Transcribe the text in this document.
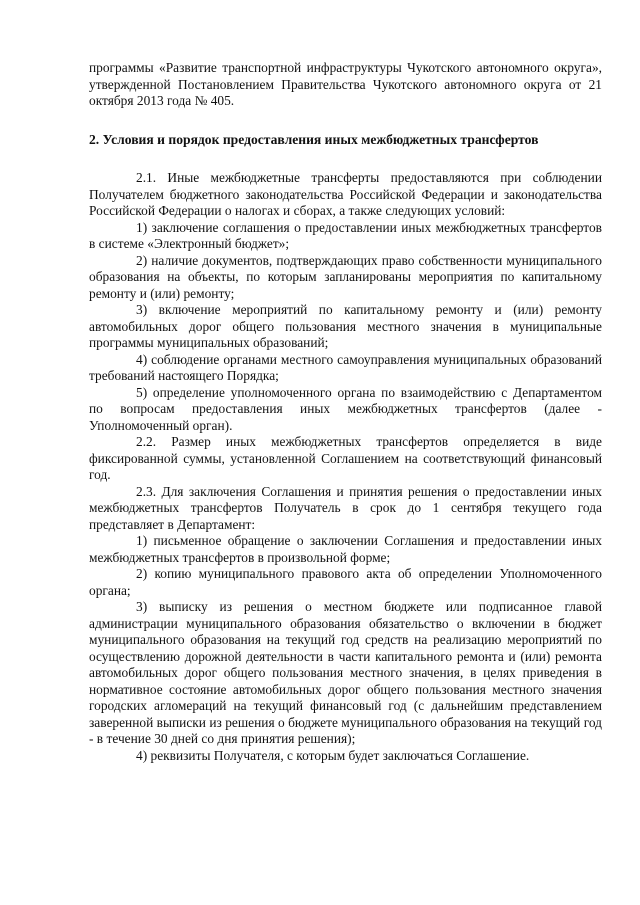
программы «Развитие транспортной инфраструктуры Чукотского автономного округа», утвержденной Постановлением Правительства Чукотского автономного округа от 21 октября 2013 года № 405.

2. Условия и порядок предоставления иных межбюджетных трансфертов

2.1. Иные межбюджетные трансферты предоставляются при соблюдении Получателем бюджетного законодательства Российской Федерации и законодательства Российской Федерации о налогах и сборах, а также следующих условий:

1) заключение соглашения о предоставлении иных межбюджетных трансфертов в системе «Электронный бюджет»;

2) наличие документов, подтверждающих право собственности муниципального образования на объекты, по которым запланированы мероприятия по капитальному ремонту и (или) ремонту;

3) включение мероприятий по капитальному ремонту и (или) ремонту автомобильных дорог общего пользования местного значения в муниципальные программы муниципальных образований;

4) соблюдение органами местного самоуправления муниципальных образований требований настоящего Порядка;

5) определение уполномоченного органа по взаимодействию с Департаментом по вопросам предоставления иных межбюджетных трансфертов (далее - Уполномоченный орган).

2.2. Размер иных межбюджетных трансфертов определяется в виде фиксированной суммы, установленной Соглашением на соответствующий финансовый год.

2.3. Для заключения Соглашения и принятия решения о предоставлении иных межбюджетных трансфертов Получатель в срок до 1 сентября текущего года представляет в Департамент:

1) письменное обращение о заключении Соглашения и предоставлении иных межбюджетных трансфертов в произвольной форме;

2) копию муниципального правового акта об определении Уполномоченного органа;

3) выписку из решения о местном бюджете или подписанное главой администрации муниципального образования обязательство о включении в бюджет муниципального образования на текущий год средств на реализацию мероприятий по осуществлению дорожной деятельности в части капитального ремонта и (или) ремонта автомобильных дорог общего пользования местного значения, в целях приведения в нормативное состояние автомобильных дорог общего пользования местного значения городских агломераций на текущий финансовый год (с дальнейшим представлением заверенной выписки из решения о бюджете муниципального образования на текущий год - в течение 30 дней со дня принятия решения);

4) реквизиты Получателя, с которым будет заключаться Соглашение.
